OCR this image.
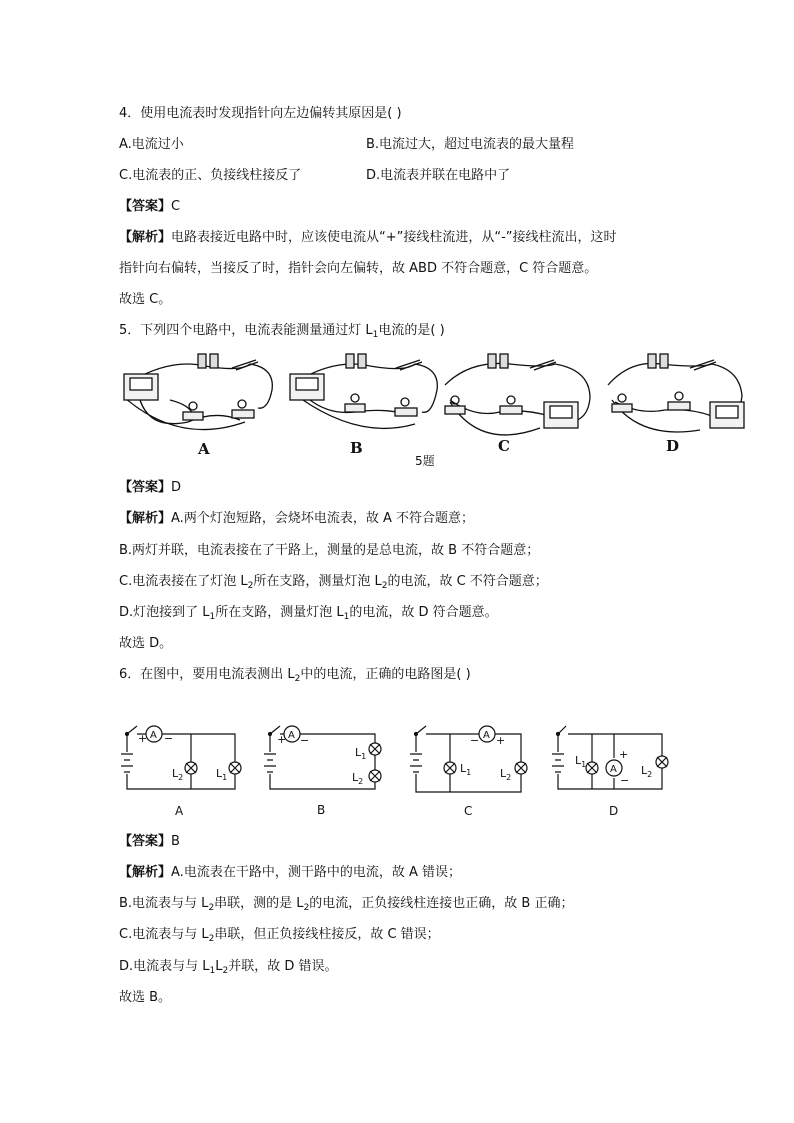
4．使用电流表时发现指针向左边偏转其原因是( )
A.电流过小	B.电流过大，超过电流表的最大量程
C.电流表的正、负接线柱接反了	D.电流表并联在电路中了
【答案】C
【解析】电路表接近电路中时，应该使电流从“+”接线柱流进，从“-”接线柱流出，这时
指针向右偏转，当接反了时，指针会向左偏转，故 ABD 不符合题意，C 符合题意。
故选 C。
5．下列四个电路中，电流表能测量通过灯 $L_1$电流的是( )
A	B	C	D
5题
【答案】D
【解析】A.两个灯泡短路，会烧坏电流表，故 A 不符合题意；
B.两灯并联，电流表接在了干路上，测量的是总电流，故 B 不符合题意；
C.电流表接在了灯泡 $L_2$所在支路，测量灯泡 $L_2$的电流，故 C 不符合题意；
D.灯泡接到了 $L_1$所在支路，测量灯泡 $L_1$的电流，故 D 符合题意。
故选 D。
6．在图中，要用电流表测出 $L_2$中的电流，正确的电路图是( )
A
+ −
$L_2$	$L_1$
A
+ −
$L_1$
$L_2$
A
− +
$L_1$	$L_2$
$L_1$ A
+
−
$L_2$
A	B	C	D
【答案】B
【解析】A.电流表在干路中，测干路中的电流，故 A 错误；
B.电流表与与 $L_2$串联，测的是 $L_2$的电流，正负接线柱连接也正确，故 B 正确；
C.电流表与与 $L_2$串联，但正负接线柱接反，故 C 错误；
D.电流表与与 $L_1L_2$并联，故 D 错误。
故选 B。
